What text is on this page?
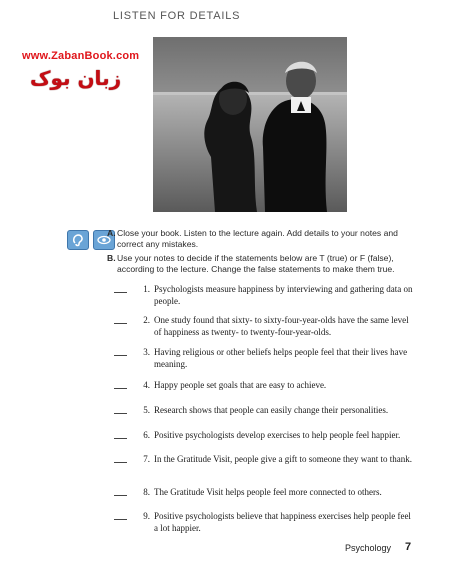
LISTEN FOR DETAILS
www.ZabanBook.com
زبان بوک
A. Close your book. Listen to the lecture again. Add details to your notes and correct any mistakes.
B. Use your notes to decide if the statements below are T (true) or F (false), according to the lecture. Change the false statements to make them true.
1. Psychologists measure happiness by interviewing and gathering data on people.
2. One study found that sixty- to sixty-four-year-olds have the same level of happiness as twenty- to twenty-four-year-olds.
3. Having religious or other beliefs helps people feel that their lives have meaning.
4. Happy people set goals that are easy to achieve.
5. Research shows that people can easily change their personalities.
6. Positive psychologists develop exercises to help people feel happier.
7. In the Gratitude Visit, people give a gift to someone they want to thank.
8. The Gratitude Visit helps people feel more connected to others.
9. Positive psychologists believe that happiness exercises help people feel a lot happier.
Psychology 7
